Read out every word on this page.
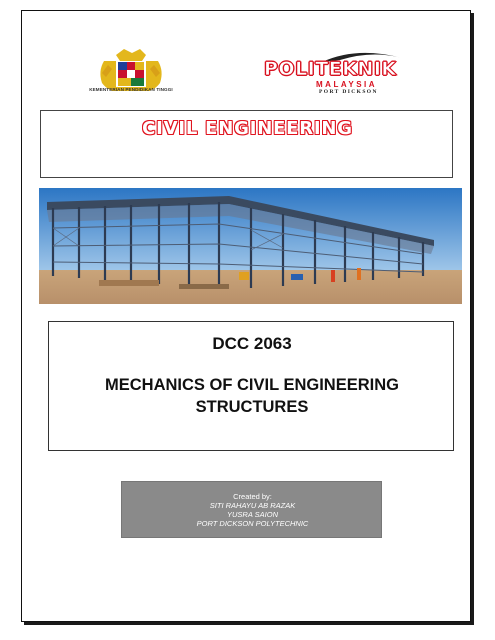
KEMENTERIAN PENDIDIKAN TINGGI
POLITEKNIK
MALAYSIA
PORT DICKSON
CIVIL ENGINEERING
DCC 2063
MECHANICS OF CIVIL ENGINEERING
STRUCTURES
Created by:
SITI RAHAYU AB RAZAK
YUSRA SAION
PORT DICKSON POLYTECHNIC
